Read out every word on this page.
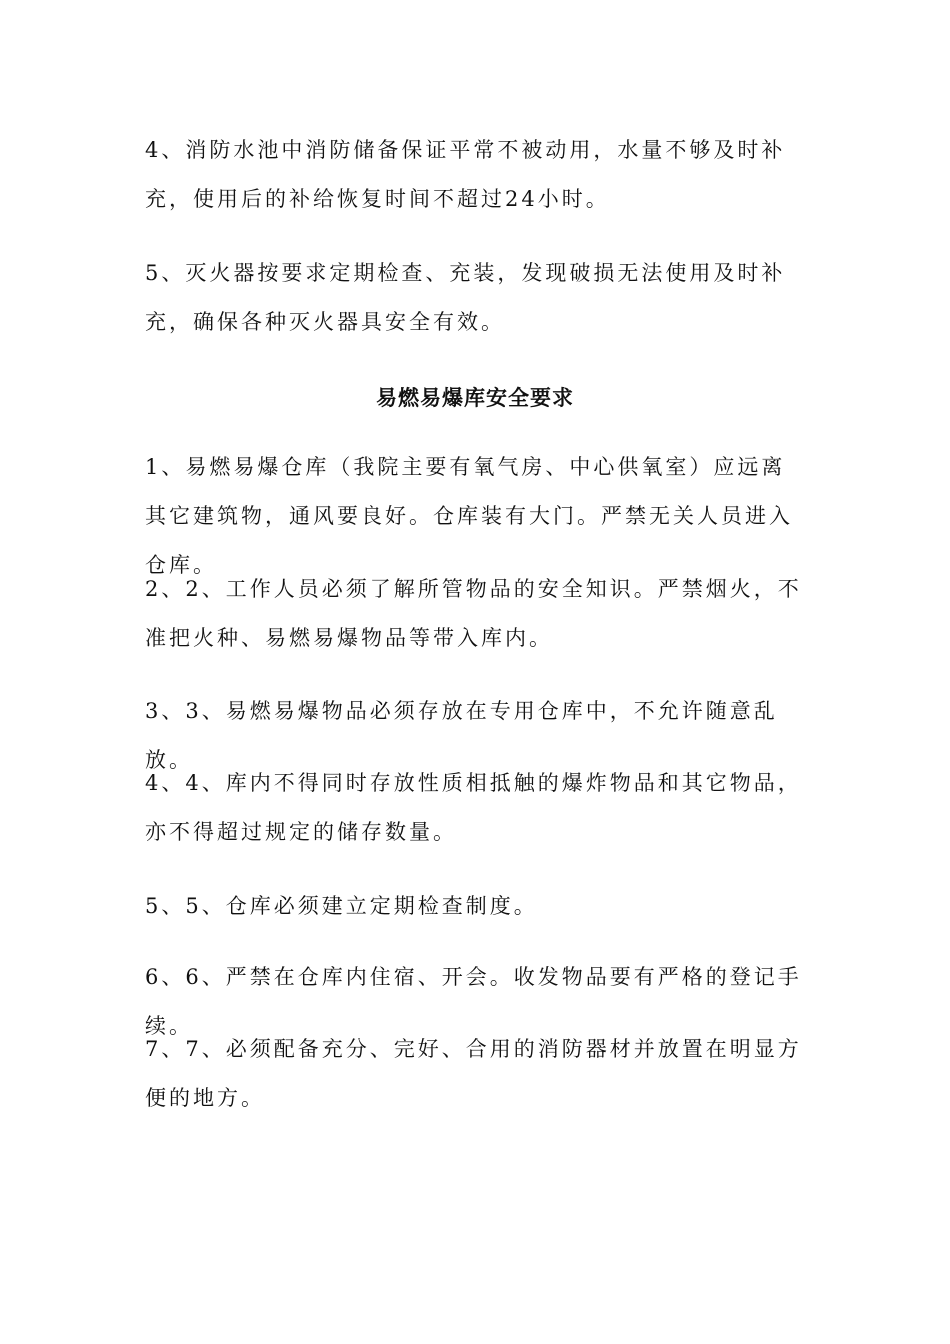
4、消防水池中消防储备保证平常不被动用，水量不够及时补充，使用后的补给恢复时间不超过24小时。

5、灭火器按要求定期检查、充装，发现破损无法使用及时补充，确保各种灭火器具安全有效。

易燃易爆库安全要求

1、易燃易爆仓库（我院主要有氧气房、中心供氧室）应远离其它建筑物，通风要良好。仓库装有大门。严禁无关人员进入仓库。

2、2、工作人员必须了解所管物品的安全知识。严禁烟火，不准把火种、易燃易爆物品等带入库内。

3、3、易燃易爆物品必须存放在专用仓库中，不允许随意乱放。

4、4、库内不得同时存放性质相抵触的爆炸物品和其它物品，亦不得超过规定的储存数量。

5、5、仓库必须建立定期检查制度。

6、6、严禁在仓库内住宿、开会。收发物品要有严格的登记手续。

7、7、必须配备充分、完好、合用的消防器材并放置在明显方便的地方。
